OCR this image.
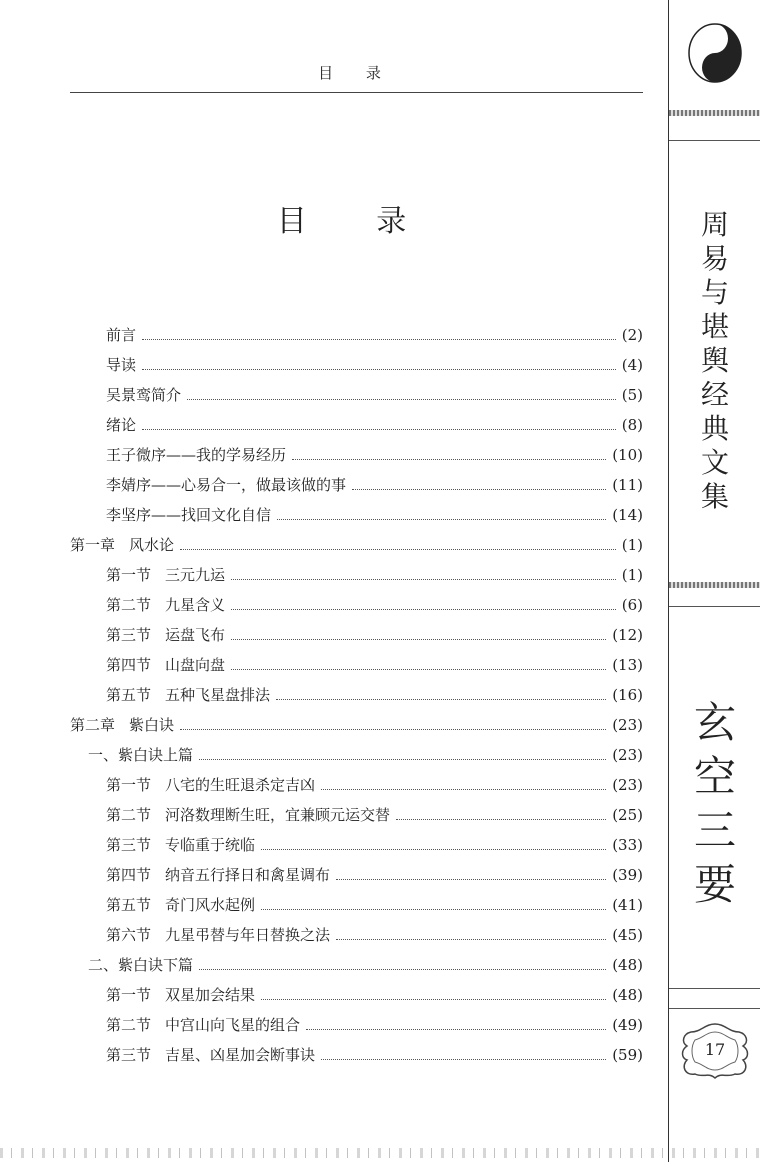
目 录
目 录
前言	(2)
导读	(4)
吴景鸾简介	(5)
绪论	(8)
王子微序——我的学易经历	(10)
李婧序——心易合一，做最该做的事	(11)
李坚序——找回文化自信	(14)
第一章 风水论	(1)
第一节 三元九运	(1)
第二节 九星含义	(6)
第三节 运盘飞布	(12)
第四节 山盘向盘	(13)
第五节 五种飞星盘排法	(16)
第二章 紫白诀	(23)
一、紫白诀上篇	(23)
第一节 八宅的生旺退杀定吉凶	(23)
第二节 河洛数理断生旺，宜兼顾元运交替	(25)
第三节 专临重于统临	(33)
第四节 纳音五行择日和禽星调布	(39)
第五节 奇门风水起例	(41)
第六节 九星弔替与年日替换之法	(45)
二、紫白诀下篇	(48)
第一节 双星加会结果	(48)
第二节 中宫山向飞星的组合	(49)
第三节 吉星、凶星加会断事诀	(59)
周
易
与
堪
舆
经
典
文
集
玄
空
三
要
17
